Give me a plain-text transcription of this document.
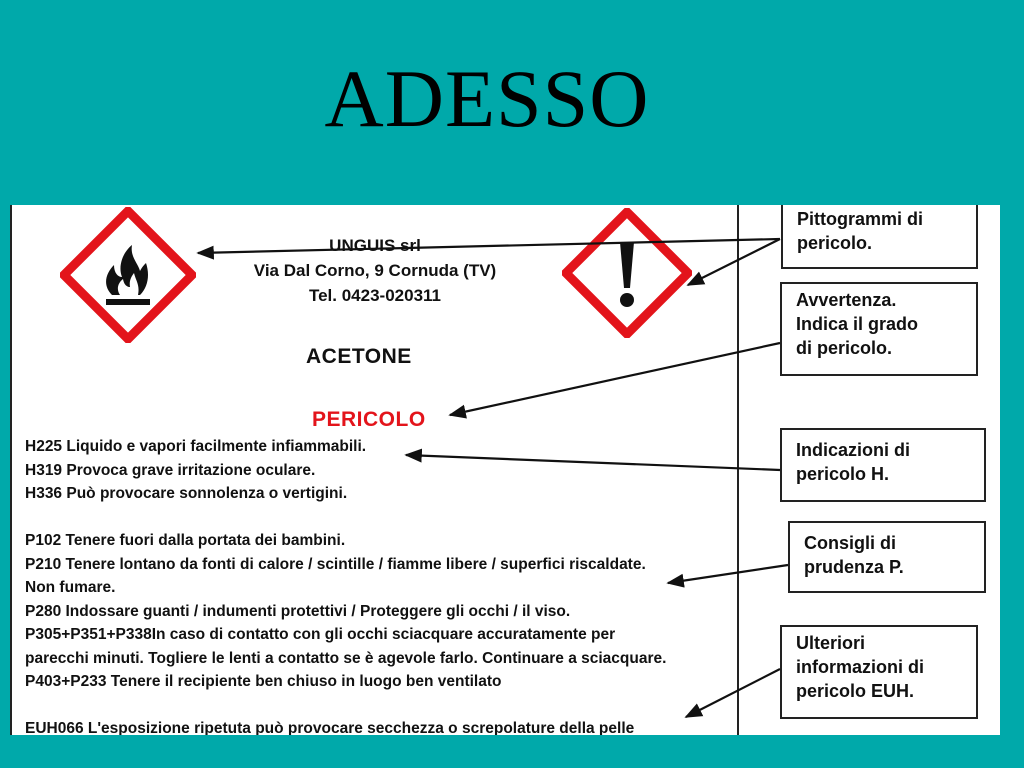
ADESSO
UNGUIS srl
Via Dal Corno, 9 Cornuda (TV)
Tel. 0423-020311
ACETONE
PERICOLO
H225 Liquido e vapori facilmente infiammabili.
H319 Provoca grave irritazione oculare.
H336 Può provocare sonnolenza o vertigini.
P102 Tenere fuori dalla portata dei bambini.
P210 Tenere lontano da fonti di calore / scintille / fiamme libere / superfici riscaldate.
Non fumare.
P280 Indossare guanti / indumenti protettivi / Proteggere gli occhi / il viso.
P305+P351+P338In caso di contatto con gli occhi sciacquare accuratamente per
parecchi minuti. Togliere le lenti a contatto se è agevole farlo. Continuare a sciacquare.
P403+P233 Tenere il recipiente ben chiuso in luogo ben ventilato
EUH066 L'esposizione ripetuta può provocare secchezza o screpolature della pelle
Pittogrammi di
pericolo.
Avvertenza.
Indica il grado
di pericolo.
Indicazioni di
pericolo H.
Consigli di
prudenza P.
Ulteriori
informazioni di
pericolo EUH.
